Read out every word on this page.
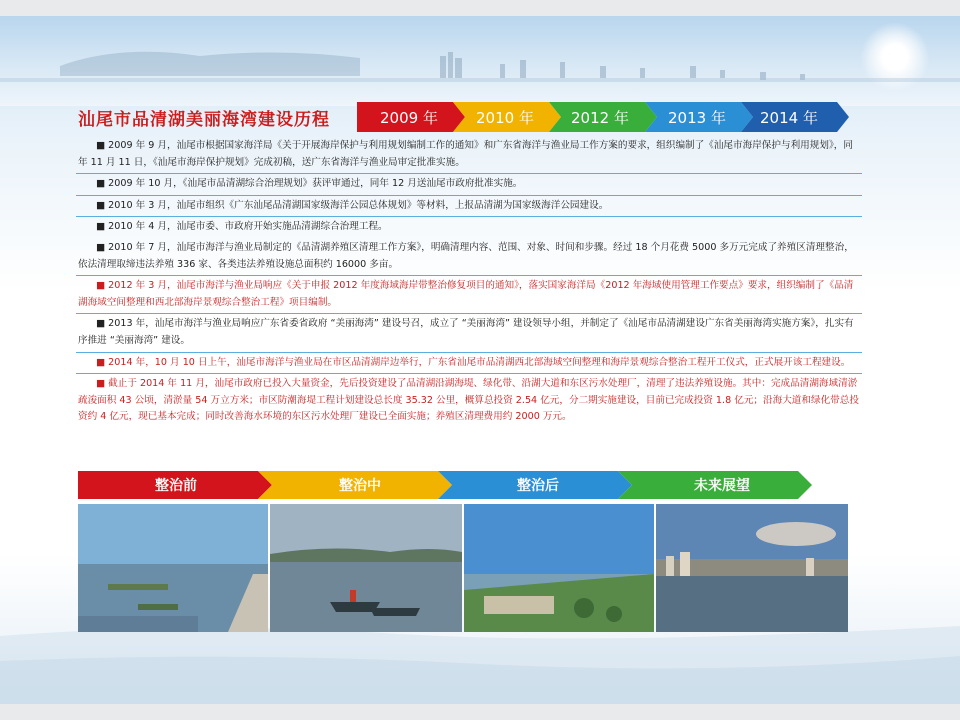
汕尾市品清湖美丽海湾建设历程	2009 年	2010 年	2012 年	2013 年	2014 年
■ 2009 年 9 月，汕尾市根据国家海洋局《关于开展海岸保护与利用规划编制工作的通知》和广东省海洋与渔业局工作方案的要求，组织编制了《汕尾市海岸保护与利用规划》，同年 11 月 11 日，《汕尾市海岸保护规划》完成初稿，送广东省海洋与渔业局审定批准实施。
■ 2009 年 10 月，《汕尾市品清湖综合治理规划》获评审通过，同年 12 月送汕尾市政府批准实施。
■ 2010 年 3 月，汕尾市组织《广东汕尾品清湖国家级海洋公园总体规划》等材料，上报品清湖为国家级海洋公园建设。
■ 2010 年 4 月，汕尾市委、市政府开始实施品清湖综合治理工程。
■ 2010 年 7 月，汕尾市海洋与渔业局制定的《品清湖养殖区清理工作方案》，明确清理内容、范围、对象、时间和步骤。经过 18 个月花费 5000 多万元完成了养殖区清理整治，依法清理取缔违法养殖 336 家、各类违法养殖设施总面积约 16000 多亩。
■ 2012 年 3 月，汕尾市海洋与渔业局响应《关于申报 2012 年度海域海岸带整治修复项目的通知》，落实国家海洋局《2012 年海域使用管理工作要点》要求，组织编制了《品清湖海域空间整理和西北部海岸景观综合整治工程》项目编制。
■ 2013 年，汕尾市海洋与渔业局响应广东省委省政府 “美丽海湾” 建设号召，成立了 “美丽海湾” 建设领导小组，并制定了《汕尾市品清湖建设广东省美丽海湾实施方案》，扎实有序推进 “美丽海湾” 建设。
■ 2014 年，10 月 10 日上午，汕尾市海洋与渔业局在市区品清湖岸边举行，广东省汕尾市品清湖西北部海域空间整理和海岸景观综合整治工程开工仪式，正式展开该工程建设。
■ 截止于 2014 年 11 月，汕尾市政府已投入大量资金，先后投资建设了品清湖沿湖海堤、绿化带、沿湖大道和东区污水处理厂，清理了违法养殖设施。其中：完成品清湖海域清淤疏浚面积 43 公顷，清淤量 54 万立方米；市区防潮海堤工程计划建设总长度 35.32 公里，概算总投资 2.54 亿元，分二期实施建设，目前已完成投资 1.8 亿元；沿海大道和绿化带总投资约 4 亿元，现已基本完成；同时改善海水环境的东区污水处理厂建设已全面实施；养殖区清理费用约 2000 万元。
整治前	整治中	整治后	未来展望
